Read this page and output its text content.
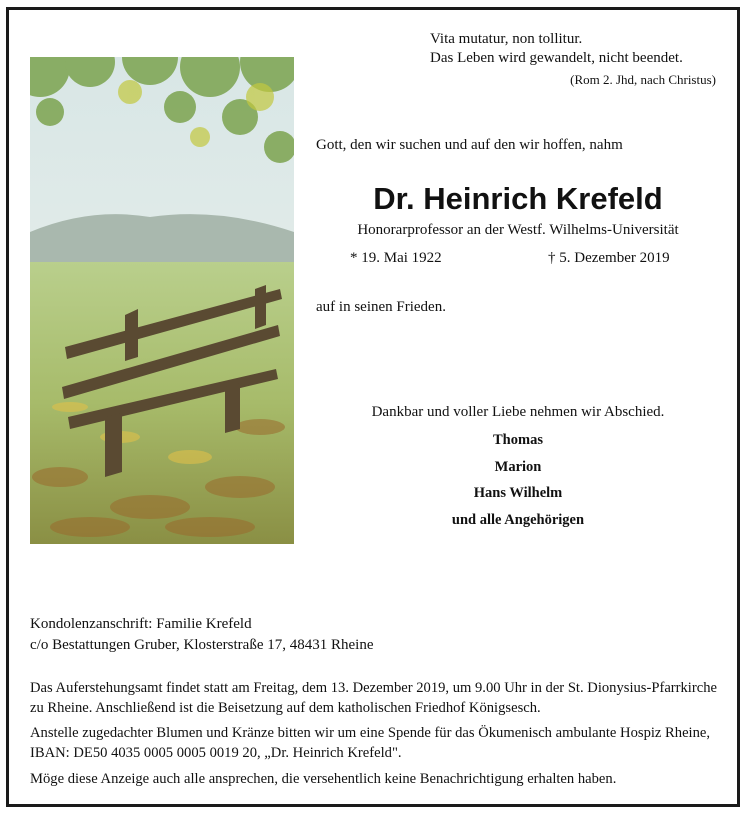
Vita mutatur, non tollitur.
Das Leben wird gewandelt, nicht beendet.
(Rom 2. Jhd, nach Christus)
Gott, den wir suchen und auf den wir hoffen, nahm
Dr. Heinrich Krefeld
Honorarprofessor an der Westf. Wilhelms-Universität
* 19. Mai 1922	† 5. Dezember 2019
auf in seinen Frieden.
Dankbar und voller Liebe nehmen wir Abschied.
Thomas
Marion
Hans Wilhelm
und alle Angehörigen
Kondolenzanschrift: Familie Krefeld
c/o Bestattungen Gruber, Klosterstraße 17, 48431 Rheine
Das Auferstehungsamt findet statt am Freitag, dem 13. Dezember 2019, um 9.00 Uhr in der St. Dionysius-Pfarrkirche zu Rheine. Anschließend ist die Beisetzung auf dem katholischen Friedhof Königsesch.
Anstelle zugedachter Blumen und Kränze bitten wir um eine Spende für das Ökumenisch ambulante Hospiz Rheine, IBAN: DE50 4035 0005 0005 0019 20, „Dr. Heinrich Krefeld".
Möge diese Anzeige auch alle ansprechen, die versehentlich keine Benachrichtigung erhalten haben.
